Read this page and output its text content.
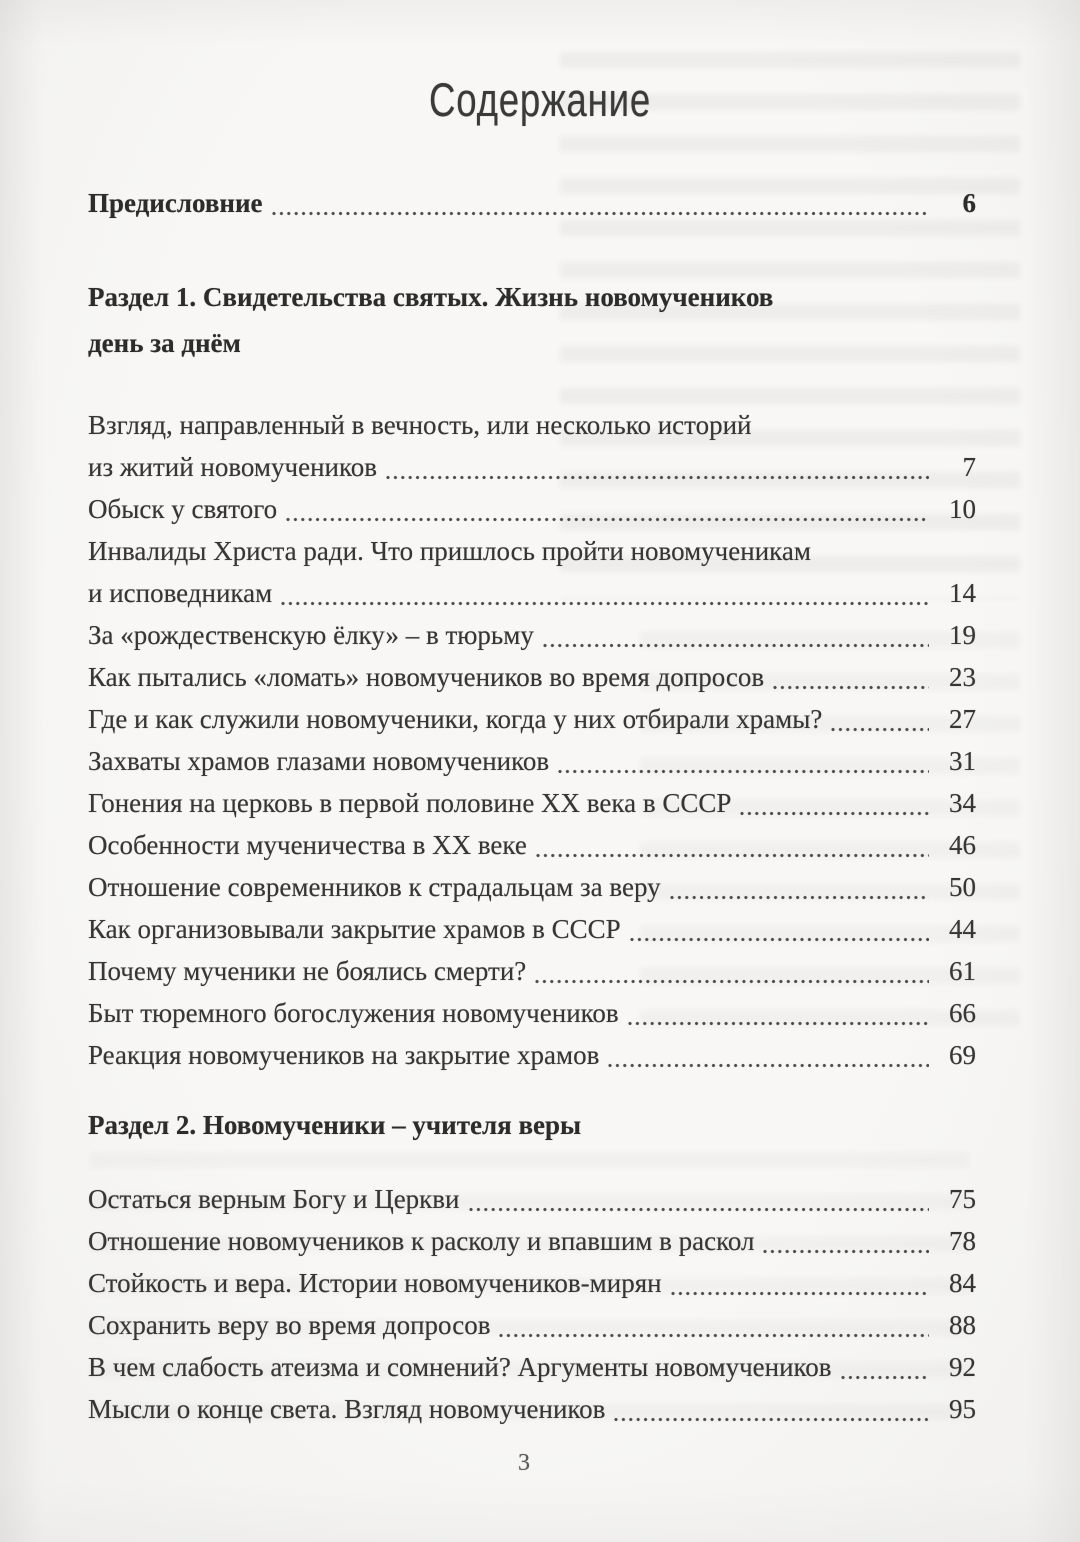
Содержание
Предисловние	6
Раздел 1. Свидетельства святых. Жизнь новомучеников
день за днём
Взгляд, направленный в вечность, или несколько историй
из житий новомучеников	7
Обыск у святого	10
Инвалиды Христа ради. Что пришлось пройти новомученикам
и исповедникам	14
За «рождественскую ёлку» – в тюрьму	19
Как пытались «ломать» новомучеников во время допросов	23
Где и как служили новомученики, когда у них отбирали храмы?	27
Захваты храмов глазами новомучеников	31
Гонения на церковь в первой половине XX века в СССР	34
Особенности мученичества в XX веке	46
Отношение современников к страдальцам за веру	50
Как организовывали закрытие храмов в СССР	44
Почему мученики не боялись смерти?	61
Быт тюремного богослужения новомучеников	66
Реакция новомучеников на закрытие храмов	69
Раздел 2. Новомученики – учителя веры
Остаться верным Богу и Церкви	75
Отношение новомучеников к расколу и впавшим в раскол	78
Стойкость и вера. Истории новомучеников-мирян	84
Сохранить веру во время допросов	88
В чем слабость атеизма и сомнений? Аргументы новомучеников	92
Мысли о конце света. Взгляд новомучеников	95
3
